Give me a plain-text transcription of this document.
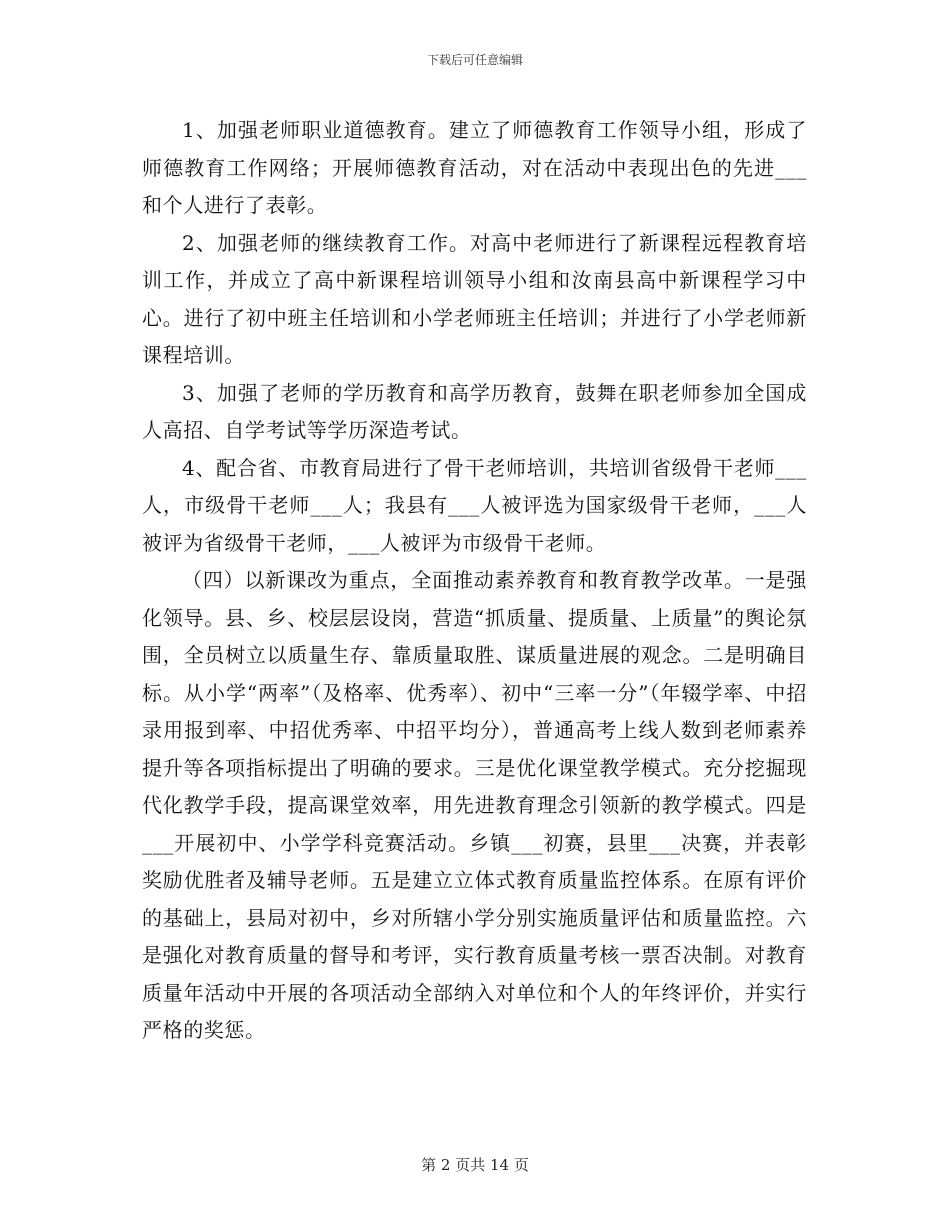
下载后可任意编辑

1、加强老师职业道德教育。建立了师德教育工作领导小组，形成了师德教育工作网络；开展师德教育活动，对在活动中表现出色的先进___和个人进行了表彰。

2、加强老师的继续教育工作。对高中老师进行了新课程远程教育培训工作，并成立了高中新课程培训领导小组和汝南县高中新课程学习中心。进行了初中班主任培训和小学老师班主任培训；并进行了小学老师新课程培训。

3、加强了老师的学历教育和高学历教育，鼓舞在职老师参加全国成人高招、自学考试等学历深造考试。

4、配合省、市教育局进行了骨干老师培训，共培训省级骨干老师___人，市级骨干老师___人；我县有___人被评选为国家级骨干老师，___人被评为省级骨干老师，___人被评为市级骨干老师。

（四）以新课改为重点，全面推动素养教育和教育教学改革。一是强化领导。县、乡、校层层设岗，营造“抓质量、提质量、上质量”的舆论氛围，全员树立以质量生存、靠质量取胜、谋质量进展的观念。二是明确目标。从小学“两率”（及格率、优秀率）、初中“三率一分”（年辍学率、中招录用报到率、中招优秀率、中招平均分），普通高考上线人数到老师素养提升等各项指标提出了明确的要求。三是优化课堂教学模式。充分挖掘现代化教学手段，提高课堂效率，用先进教育理念引领新的教学模式。四是___开展初中、小学学科竞赛活动。乡镇___初赛，县里___决赛，并表彰奖励优胜者及辅导老师。五是建立立体式教育质量监控体系。在原有评价的基础上，县局对初中，乡对所辖小学分别实施质量评估和质量监控。六是强化对教育质量的督导和考评，实行教育质量考核一票否决制。对教育质量年活动中开展的各项活动全部纳入对单位和个人的年终评价，并实行严格的奖惩。

第 2 页共 14 页
